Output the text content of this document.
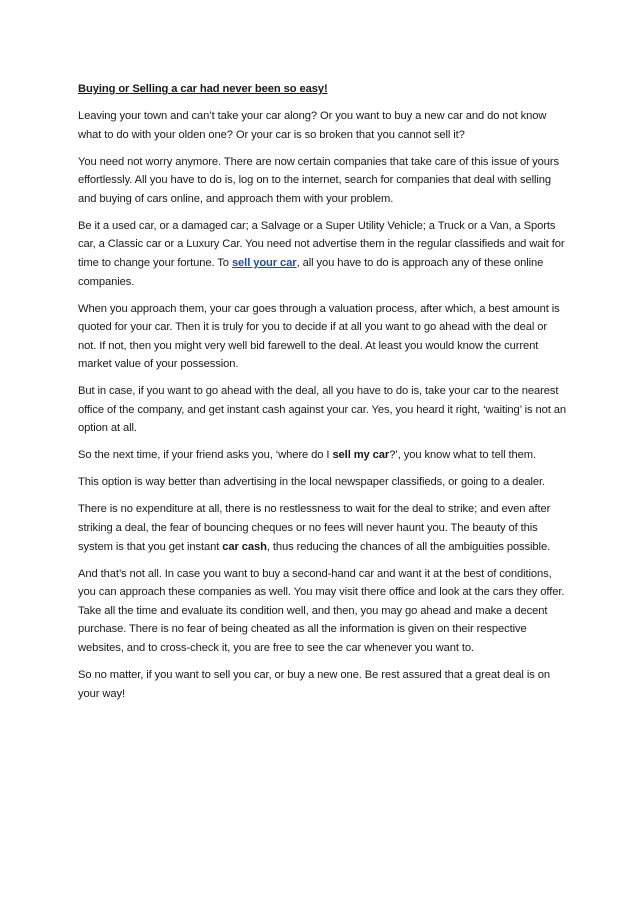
Buying or Selling a car had never been so easy!

Leaving your town and can’t take your car along? Or you want to buy a new car and do not know what to do with your olden one? Or your car is so broken that you cannot sell it?

You need not worry anymore. There are now certain companies that take care of this issue of yours effortlessly. All you have to do is, log on to the internet, search for companies that deal with selling and buying of cars online, and approach them with your problem.

Be it a used car, or a damaged car; a Salvage or a Super Utility Vehicle; a Truck or a Van, a Sports car, a Classic car or a Luxury Car. You need not advertise them in the regular classifieds and wait for time to change your fortune. To sell your car, all you have to do is approach any of these online companies.

When you approach them, your car goes through a valuation process, after which, a best amount is quoted for your car. Then it is truly for you to decide if at all you want to go ahead with the deal or not. If not, then you might very well bid farewell to the deal. At least you would know the current market value of your possession.

But in case, if you want to go ahead with the deal, all you have to do is, take your car to the nearest office of the company, and get instant cash against your car. Yes, you heard it right, ‘waiting’ is not an option at all.

So the next time, if your friend asks you, ‘where do I sell my car?’, you know what to tell them.

This option is way better than advertising in the local newspaper classifieds, or going to a dealer.

There is no expenditure at all, there is no restlessness to wait for the deal to strike; and even after striking a deal, the fear of bouncing cheques or no fees will never haunt you. The beauty of this system is that you get instant car cash, thus reducing the chances of all the ambiguities possible.

And that’s not all. In case you want to buy a second-hand car and want it at the best of conditions, you can approach these companies as well. You may visit there office and look at the cars they offer. Take all the time and evaluate its condition well, and then, you may go ahead and make a decent purchase. There is no fear of being cheated as all the information is given on their respective websites, and to cross-check it, you are free to see the car whenever you want to.

So no matter, if you want to sell you car, or buy a new one. Be rest assured that a great deal is on your way!
